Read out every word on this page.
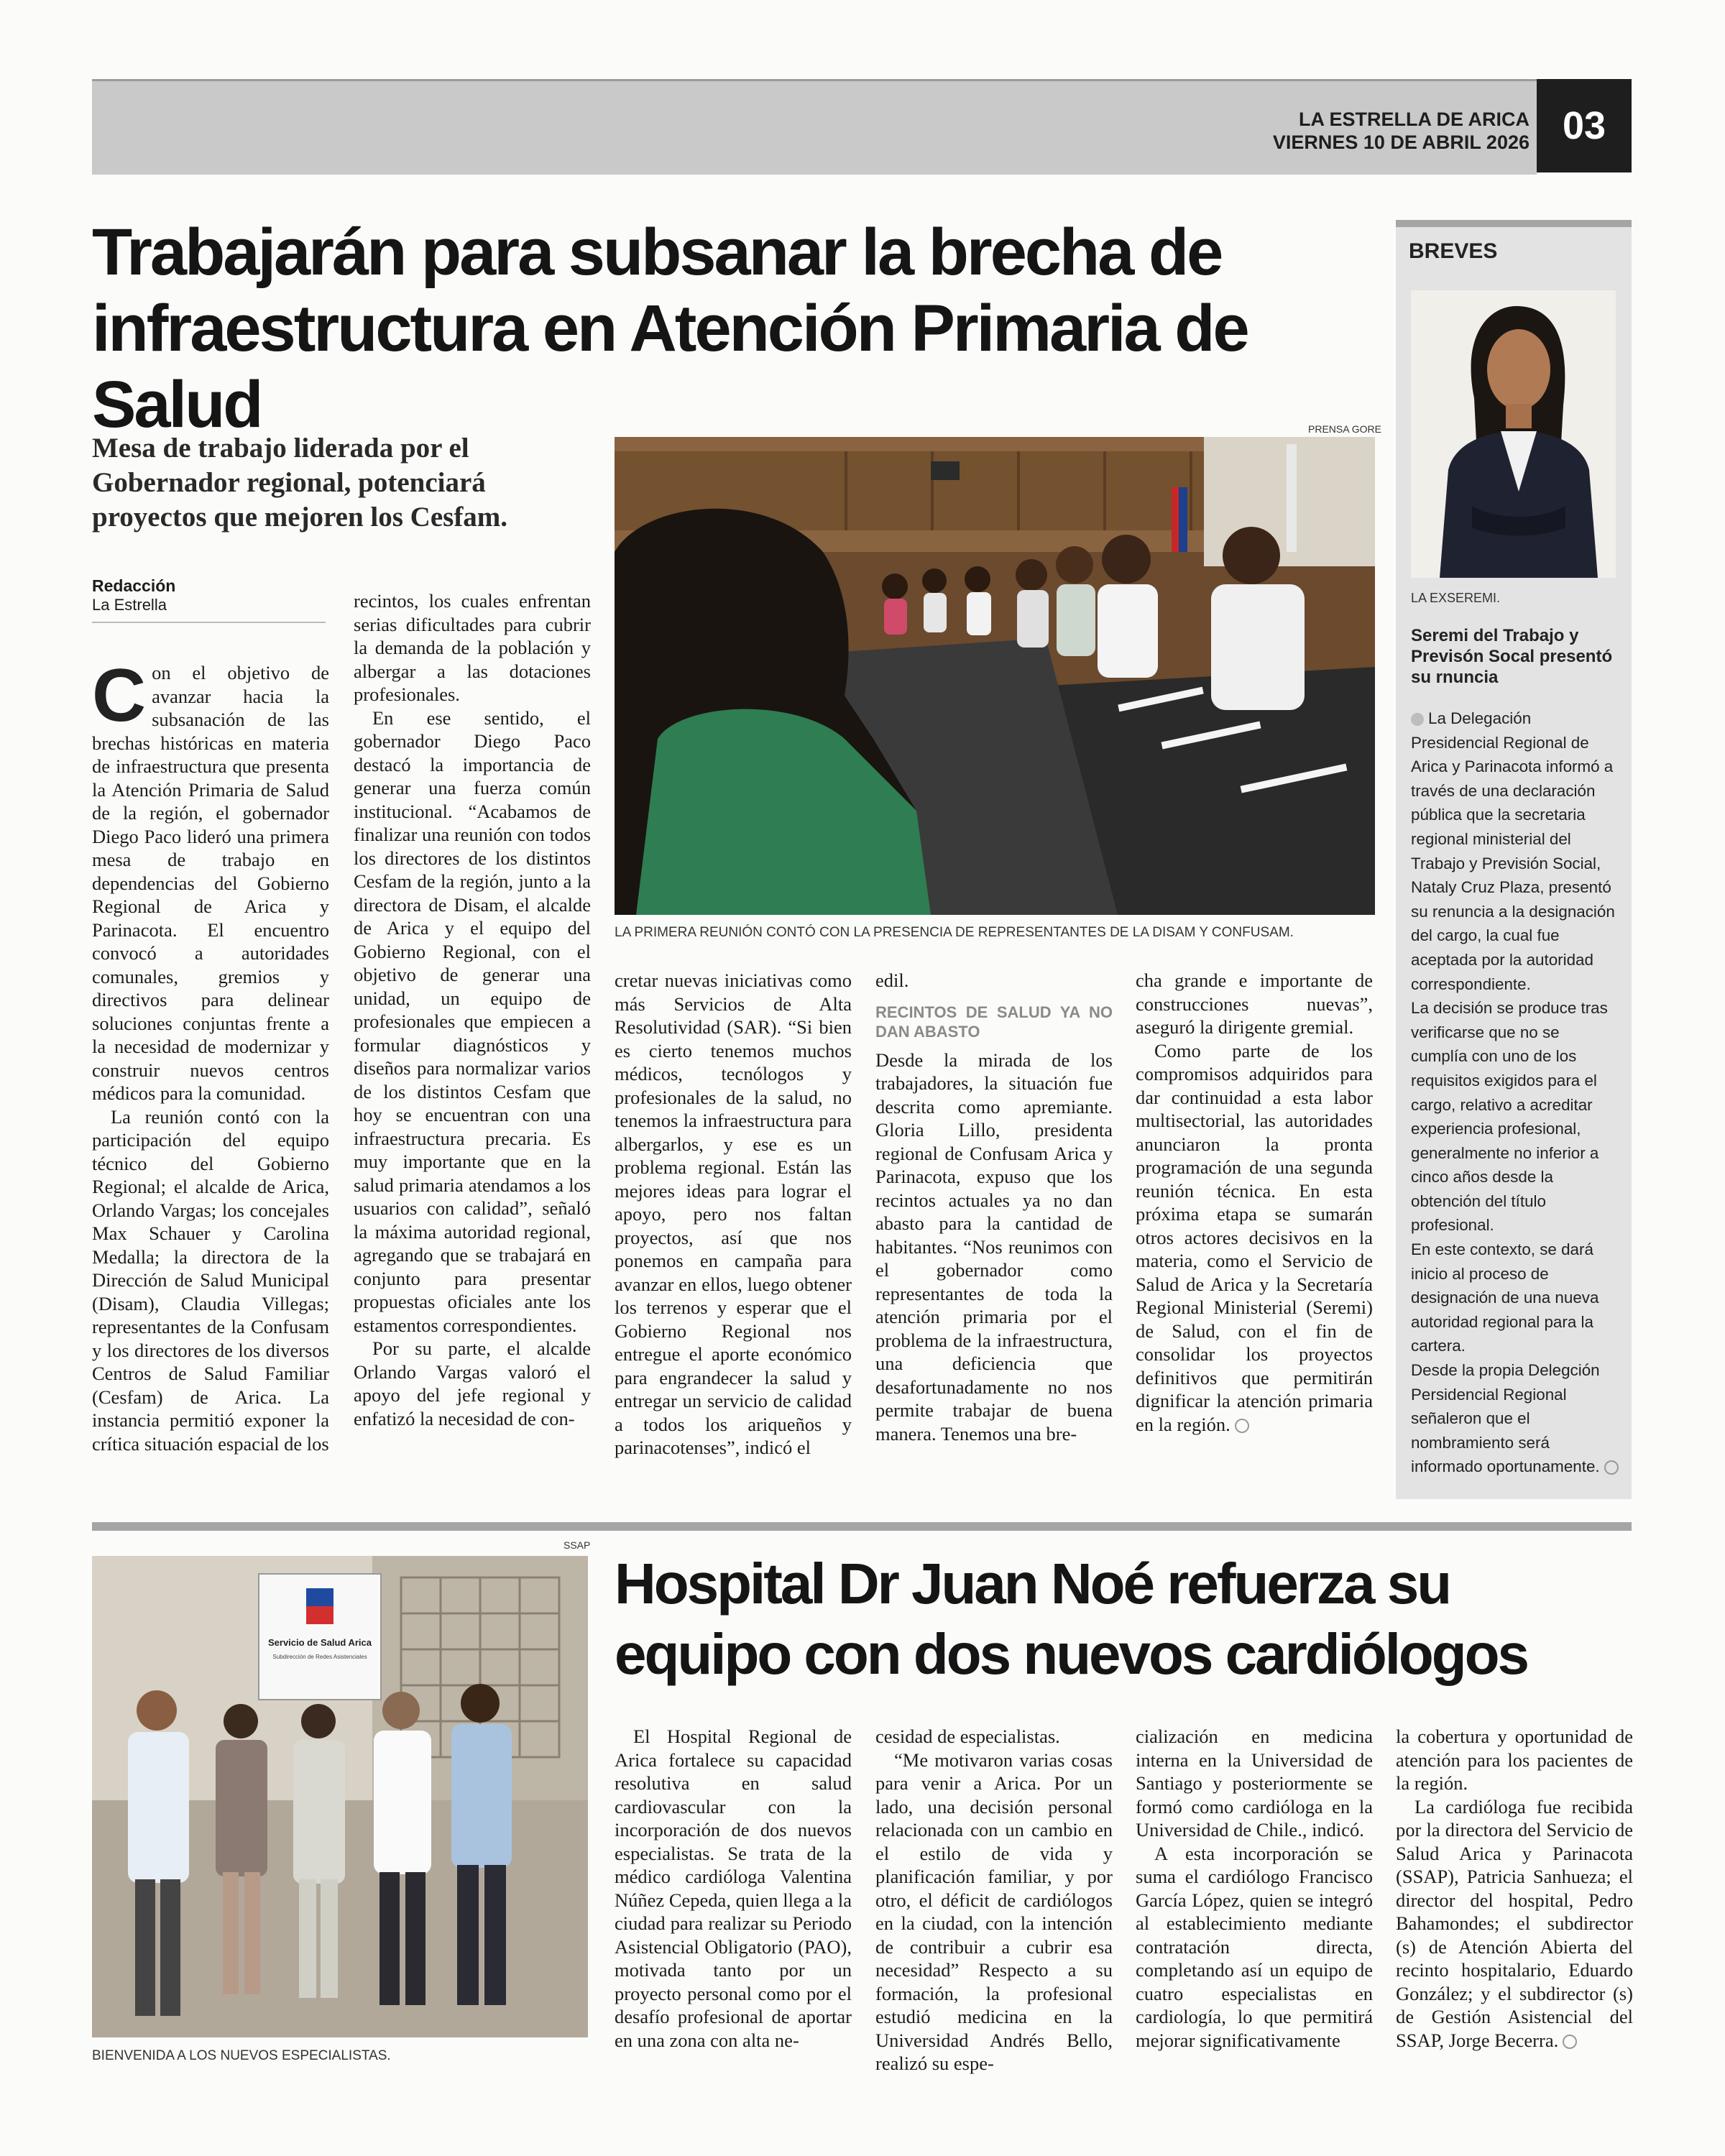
LA ESTRELLA DE ARICA
VIERNES 10 DE ABRIL 2026 03
Trabajarán para subsanar la brecha de
infraestructura en Atención Primaria de Salud
Mesa de trabajo liderada por el Gobernador regional, potenciará proyectos que mejoren los Cesfam.
Redacción
La Estrella
PRENSA GORE
LA PRIMERA REUNIÓN CONTÓ CON LA PRESENCIA DE REPRESENTANTES DE LA DISAM Y CONFUSAM.

Con el objetivo de avanzar hacia la subsanación de las brechas históricas en materia de infraestructura que presenta la Atención Primaria de Salud de la región, el gobernador Diego Paco lideró una primera mesa de trabajo en dependencias del Gobierno Regional de Arica y Parinacota. El encuentro convocó a autoridades comunales, gremios y directivos para delinear soluciones conjuntas frente a la necesidad de modernizar y construir nuevos centros médicos para la comunidad.

La reunión contó con la participación del equipo técnico del Gobierno Regional; el alcalde de Arica, Orlando Vargas; los concejales Max Schauer y Carolina Medalla; la directora de la Dirección de Salud Municipal (Disam), Claudia Villegas; representantes de la Confusam y los directores de los diversos Centros de Salud Familiar (Cesfam) de Arica. La instancia permitió exponer la crítica situación espacial de los

recintos, los cuales enfrentan serias dificultades para cubrir la demanda de la población y albergar a las dotaciones profesionales.

En ese sentido, el gobernador Diego Paco destacó la importancia de generar una fuerza común institucional. “Acabamos de finalizar una reunión con todos los directores de los distintos Cesfam de la región, junto a la directora de Disam, el alcalde de Arica y el equipo del Gobierno Regional, con el objetivo de generar una unidad, un equipo de profesionales que empiecen a formular diagnósticos y diseños para normalizar varios de los distintos Cesfam que hoy se encuentran con una infraestructura precaria. Es muy importante que en la salud primaria atendamos a los usuarios con calidad”, señaló la máxima autoridad regional, agregando que se trabajará en conjunto para presentar propuestas oficiales ante los estamentos correspondientes.

Por su parte, el alcalde Orlando Vargas valoró el apoyo del jefe regional y enfatizó la necesidad de con-

cretar nuevas iniciativas como más Servicios de Alta Resolutividad (SAR). “Si bien es cierto tenemos muchos médicos, tecnólogos y profesionales de la salud, no tenemos la infraestructura para albergarlos, y ese es un problema regional. Están las mejores ideas para lograr el apoyo, pero nos faltan proyectos, así que nos ponemos en campaña para avanzar en ellos, luego obtener los terrenos y esperar que el Gobierno Regional nos entregue el aporte económico para engrandecer la salud y entregar un servicio de calidad a todos los ariqueños y parinacotenses”, indicó el

edil.

RECINTOS DE SALUD YA NO DAN ABASTO

Desde la mirada de los trabajadores, la situación fue descrita como apremiante. Gloria Lillo, presidenta regional de Confusam Arica y Parinacota, expuso que los recintos actuales ya no dan abasto para la cantidad de habitantes. “Nos reunimos con el gobernador como representantes de toda la atención primaria por el problema de la infraestructura, una deficiencia que desafortunadamente no nos permite trabajar de buena manera. Tenemos una bre-

cha grande e importante de construcciones nuevas”, aseguró la dirigente gremial.

Como parte de los compromisos adquiridos para dar continuidad a esta labor multisectorial, las autoridades anunciaron la pronta programación de una segunda reunión técnica. En esta próxima etapa se sumarán otros actores decisivos en la materia, como el Servicio de Salud de Arica y la Secretaría Regional Ministerial (Seremi) de Salud, con el fin de consolidar los proyectos definitivos que permitirán dignificar la atención primaria en la región.

BREVES
LA EXSEREMI.
Seremi del Trabajo y Previsón Socal presentó su rnuncia

La Delegación Presidencial Regional de Arica y Parinacota informó a través de una declaración pública que la secretaria regional ministerial del Trabajo y Previsión Social, Nataly Cruz Plaza, presentó su renuncia a la designación del cargo, la cual fue aceptada por la autoridad correspondiente.

La decisión se produce tras verificarse que no se cumplía con uno de los requisitos exigidos para el cargo, relativo a acreditar experiencia profesional, generalmente no inferior a cinco años desde la obtención del título profesional.

En este contexto, se dará inicio al proceso de designación de una nueva autoridad regional para la cartera.

Desde la propia Delegción Persidencial Regional señaleron que el nombramiento será informado oportunamente.

SSAP
Servicio de Salud Arica
Subdirección de Redes Asistenciales
BIENVENIDA A LOS NUEVOS ESPECIALISTAS.
Hospital Dr Juan Noé refuerza su
equipo con dos nuevos cardiólogos

El Hospital Regional de Arica fortalece su capacidad resolutiva en salud cardiovascular con la incorporación de dos nuevos especialistas. Se trata de la médico cardióloga Valentina Núñez Cepeda, quien llega a la ciudad para realizar su Periodo Asistencial Obligatorio (PAO), motivada tanto por un proyecto personal como por el desafío profesional de aportar en una zona con alta ne-

cesidad de especialistas.

“Me motivaron varias cosas para venir a Arica. Por un lado, una decisión personal relacionada con un cambio en el estilo de vida y planificación familiar, y por otro, el déficit de cardiólogos en la ciudad, con la intención de contribuir a cubrir esa necesidad” Respecto a su formación, la profesional estudió medicina en la Universidad Andrés Bello, realizó su espe-

cialización en medicina interna en la Universidad de Santiago y posteriormente se formó como cardióloga en la Universidad de Chile., indicó.

A esta incorporación se suma el cardiólogo Francisco García López, quien se integró al establecimiento mediante contratación directa, completando así un equipo de cuatro especialistas en cardiología, lo que permitirá mejorar significativamente

la cobertura y oportunidad de atención para los pacientes de la región.

La cardióloga fue recibida por la directora del Servicio de Salud Arica y Parinacota (SSAP), Patricia Sanhueza; el director del hospital, Pedro Bahamondes; el subdirector (s) de Atención Abierta del recinto hospitalario, Eduardo González; y el subdirector (s) de Gestión Asistencial del SSAP, Jorge Becerra.
